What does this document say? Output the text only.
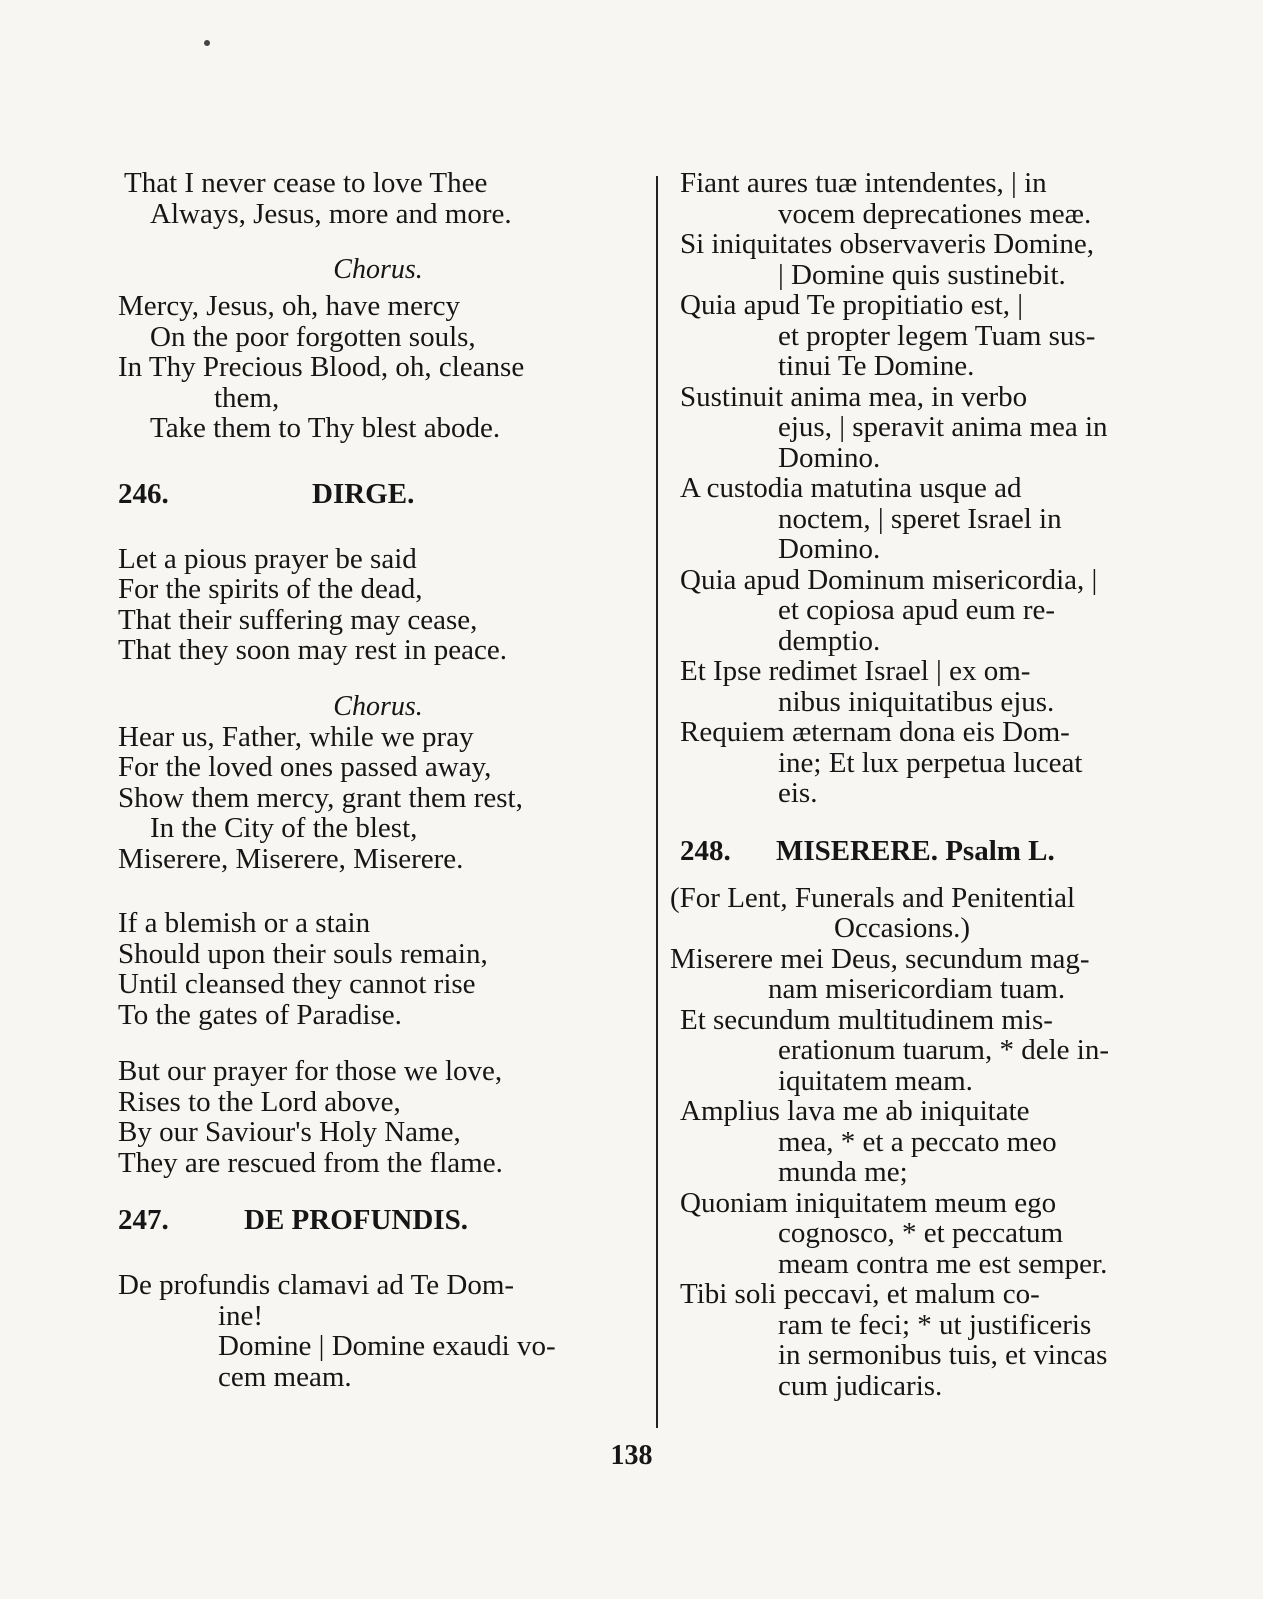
That I never cease to love Thee
Always, Jesus, more and more.
Chorus.
Mercy, Jesus, oh, have mercy
On the poor forgotten souls,
In Thy Precious Blood, oh, cleanse
them,
Take them to Thy blest abode.
246.	DIRGE.
Let a pious prayer be said
For the spirits of the dead,
That their suffering may cease,
That they soon may rest in peace.
Chorus.
Hear us, Father, while we pray
For the loved ones passed away,
Show them mercy, grant them rest,
In the City of the blest,
Miserere, Miserere, Miserere.
If a blemish or a stain
Should upon their souls remain,
Until cleansed they cannot rise
To the gates of Paradise.
But our prayer for those we love,
Rises to the Lord above,
By our Saviour's Holy Name,
They are rescued from the flame.
247.	DE PROFUNDIS.
De profundis clamavi ad Te Dom-
ine!
Domine | Domine exaudi vo-
cem meam.
Fiant aures tuæ intendentes, | in
vocem deprecationes meæ.
Si iniquitates observaveris Domine,
| Domine quis sustinebit.
Quia apud Te propitiatio est, |
et propter legem Tuam sus-
tinui Te Domine.
Sustinuit anima mea, in verbo
ejus, | speravit anima mea in
Domino.
A custodia matutina usque ad
noctem, | speret Israel in
Domino.
Quia apud Dominum misericordia, |
et copiosa apud eum re-
demptio.
Et Ipse redimet Israel | ex om-
nibus iniquitatibus ejus.
Requiem æternam dona eis Dom-
ine; Et lux perpetua luceat
eis.
248.	MISERERE. Psalm L.
(For Lent, Funerals and Penitential
Occasions.)
Miserere mei Deus, secundum mag-
nam misericordiam tuam.
Et secundum multitudinem mis-
erationum tuarum, * dele in-
iquitatem meam.
Amplius lava me ab iniquitate
mea, * et a peccato meo
munda me;
Quoniam iniquitatem meum ego
cognosco, * et peccatum
meam contra me est semper.
Tibi soli peccavi, et malum co-
ram te feci; * ut justificeris
in sermonibus tuis, et vincas
cum judicaris.
138
